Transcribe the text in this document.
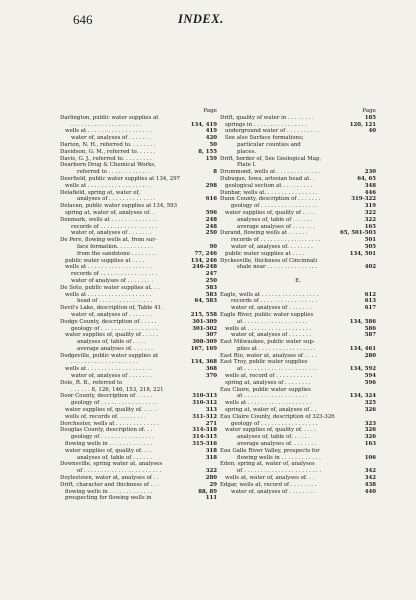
646	INDEX.
Page
Darlington, public water supplies at
. . . . . . . . . . . . . . . . . . . . .	134, 419
wells at . . . . . . . . . . . . . . . . . . .	419
water of, analyses of . . . . . . .	420
Darton, N. H., referred to. . . . . . . .	50
Davidson, G. M., referred to. . . . . .	8, 155
Davis, G. J., referred to. . . . . . . . .	159
Dearborn Drug & Chemical Works,
referred to . . . . . . . . . . . . .	8
Deerfield, public water supplies at 134, 297
wells at . . . . . . . . . . . . . . . . . . .	298
Delafield, spring at, water of,
analyses of . . . . . . . . . . . . . .	616
Delavan, public water supplies at 134, 593
spring at, water of, analyses of. .	596
Denmark, wells at . . . . . . . . . . . . . .	248
records of . . . . . . . . . . . . . . . . .	248
water of, analyses of . . . . . . .	250
De Pere, flowing wells at, from sur-
face formation. . . . . . . . . . .	90
from the sandstone . . . . . . . .	77, 246
public water supplies at . . . .	134, 246
wells at . . . . . . . . . . . . . . . . . . .	246-248
records of . . . . . . . . . . . . . . . . .	247
water of analyses of . . . . . . . .	250
De Soto, public water supplies at. . .	583
wells at . . . . . . . . . . . . . . . . . . .	583
head of . . . . . . . . . . . . . . . .	64, 583
Devil's Lake, description of, Table 41.
water of, analyses of . . . . . . .	215, 558
Dodge County, description of . . . . .	301-309
geology of . . . . . . . . . . . . . . . . .	301-302
water supplies of, quality of . . . . .	307
analyses of, table of . . . .	308-309
average analyses of. . . . . . .	167, 169
Dodgeville, public water supplies at
. . . . . . . . . . . . . . . . . . . .	134, 368
wells at . . . . . . . . . . . . . . . . . . .	368
water of, analyses of . . . . . . .	370
Dole, R. B., referred to
. . . . . . 8, 126, 146, 153, 218, 221
Door County, description of . . . . .	310-313
geology of . . . . . . . . . . . . . . . . .	310-312
water supplies of, quality of. . . . .	313
wells of, records of. . . . . . . . .	311-312
Dorchester, wells at . . . . . . . . . . . . .	271
Douglas County, description of. . .	314-318
geology of . . . . . . . . . . . . . . . .	314-315
flowing wells in . . . . . . . . . . . . .	315-316
water supplies of, quality of. . . .	318
analyses of, table of . . . . . .	318
Downsville, spring water at, analyses
of . . . . . . . . . . . . . . . . . . . . . . .	322
Doylestown, water at, analyses of . .	280
Drift, character and thickness of . . .	29
flowing wells in . . . . . . . . . . . . .	88, 89
prospecting for flowing wells in	111
Page
Drift, quality of water in . . . . . . . .	185
springs in . . . . . . . . . . . . . . . .	120, 121
underground water of . . . . . . . . . .	40
See also Surface formations;
particular counties and
places.
Drift, border of, See Geological Map,
Plate I.
Drummond, wells at . . . . . . . . . . . . .	230
Dubuque, Iowa, artesian head at. .	64, 65
geological section at . . . . . . . . .	348
Dunbar, wells at. . . . . . . . . . . . . . . .	446
Dunn County, description of . . . . . . .	319-322
geology of . . . . . . . . . . . . . . . . .	319
water supplies of, quality of . . . .	322
analyses of, table of . . . . . .	322
average analyses of . . . . . . .	165
Durand, flowing wells at . . . . . .	65, 501-503
records of . . . . . . . . . . . . . . . . . .	501
water of, analyses of. . . . . . . .	505
public water supplies at . . . .	134, 501
Dyckesville, thickness of Cincinnati
shale near . . . . . . . . . . . . . . .	402
E.
Eagle, wells at . . . . . . . . . . . . . . . . .	612
records of . . . . . . . . . . . . . . . . .	613
water of, analyses of . . . . . . .	617
Eagle River, public water supplies
at . . . . . . . . . . . . . . . . . . .	134, 586
wells at . . . . . . . . . . . . . . . . . . .	586
water of, analyses of . . . . . . .	587
East Milwaukee, public water sup-
plies at . . . . . . . . . . . . . . . . .	134, 461
East Rio, water at, analyses of . . . .	280
East Troy, public water supplies
at . . . . . . . . . . . . . . . . . . . . . .	134, 592
wells at, record of . . . . . . . . . . .	594
spring at, analyses of . . . . . . . .	596
Eau Claire, public water supplies
at . . . . . . . . . . . . . . . . . . .	134, 324
wells at . . . . . . . . . . . . . . . . . . .	325
spring at, water of, analyses of . .	326
Eau Claire County, description of 323-326
geology of . . . . . . . . . . . . . . . . .	323
water supplies of, quality of. . . . .	326
analyses of, table of. . . . . .	326
average analyses of. . . . . . . .	163
Eau Galle River Valley, prospects for
flowing wells in . . . . . . . . . . . .	106
Eden, spring at, water of, analyses
of . . . . . . . . . . . . . . . . . . . . . . .	342
wells at, water of, analyses of. . .	342
Edgar, wells at, record of . . . . . . . .	438
water of, analyses of . . . . . . . .	440
